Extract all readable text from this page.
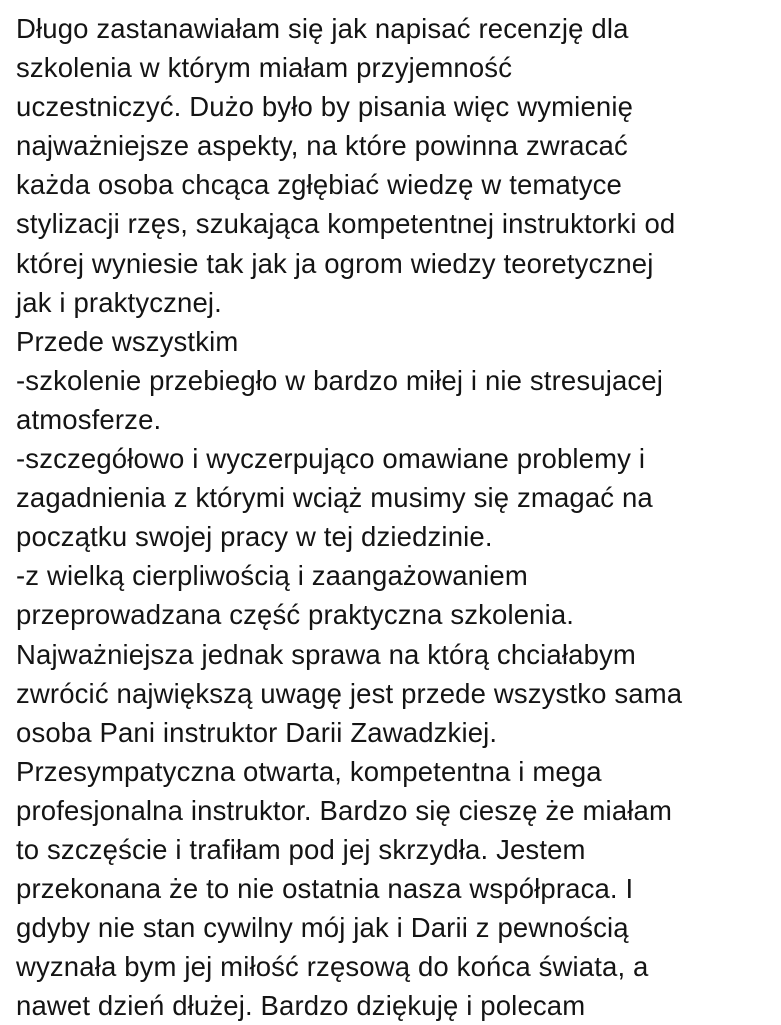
Długo zastanawiałam się jak napisać recenzję dla
szkolenia w którym miałam przyjemność
uczestniczyć. Dużo było by pisania więc wymienię
najważniejsze aspekty, na które powinna zwracać
każda osoba chcąca zgłębiać wiedzę w tematyce
stylizacji rzęs, szukająca kompetentnej instruktorki od
której wyniesie tak jak ja ogrom wiedzy teoretycznej
jak i praktycznej.
Przede wszystkim
-szkolenie przebiegło w bardzo miłej i nie stresujacej
atmosferze.
-szczegółowo i wyczerpująco omawiane problemy i
zagadnienia z którymi wciąż musimy się zmagać na
początku swojej pracy w tej dziedzinie.
-z wielką cierpliwością i zaangażowaniem
przeprowadzana część praktyczna szkolenia.
Najważniejsza jednak sprawa na którą chciałabym
zwrócić największą uwagę jest przede wszystko sama
osoba Pani instruktor Darii Zawadzkiej.
Przesympatyczna otwarta, kompetentna i mega
profesjonalna instruktor. Bardzo się cieszę że miałam
to szczęście i trafiłam pod jej skrzydła. Jestem
przekonana że to nie ostatnia nasza współpraca. I
gdyby nie stan cywilny mój jak i Darii z pewnością
wyznała bym jej miłość rzęsową do końca świata, a
nawet dzień dłużej. Bardzo dziękuję i polecam
